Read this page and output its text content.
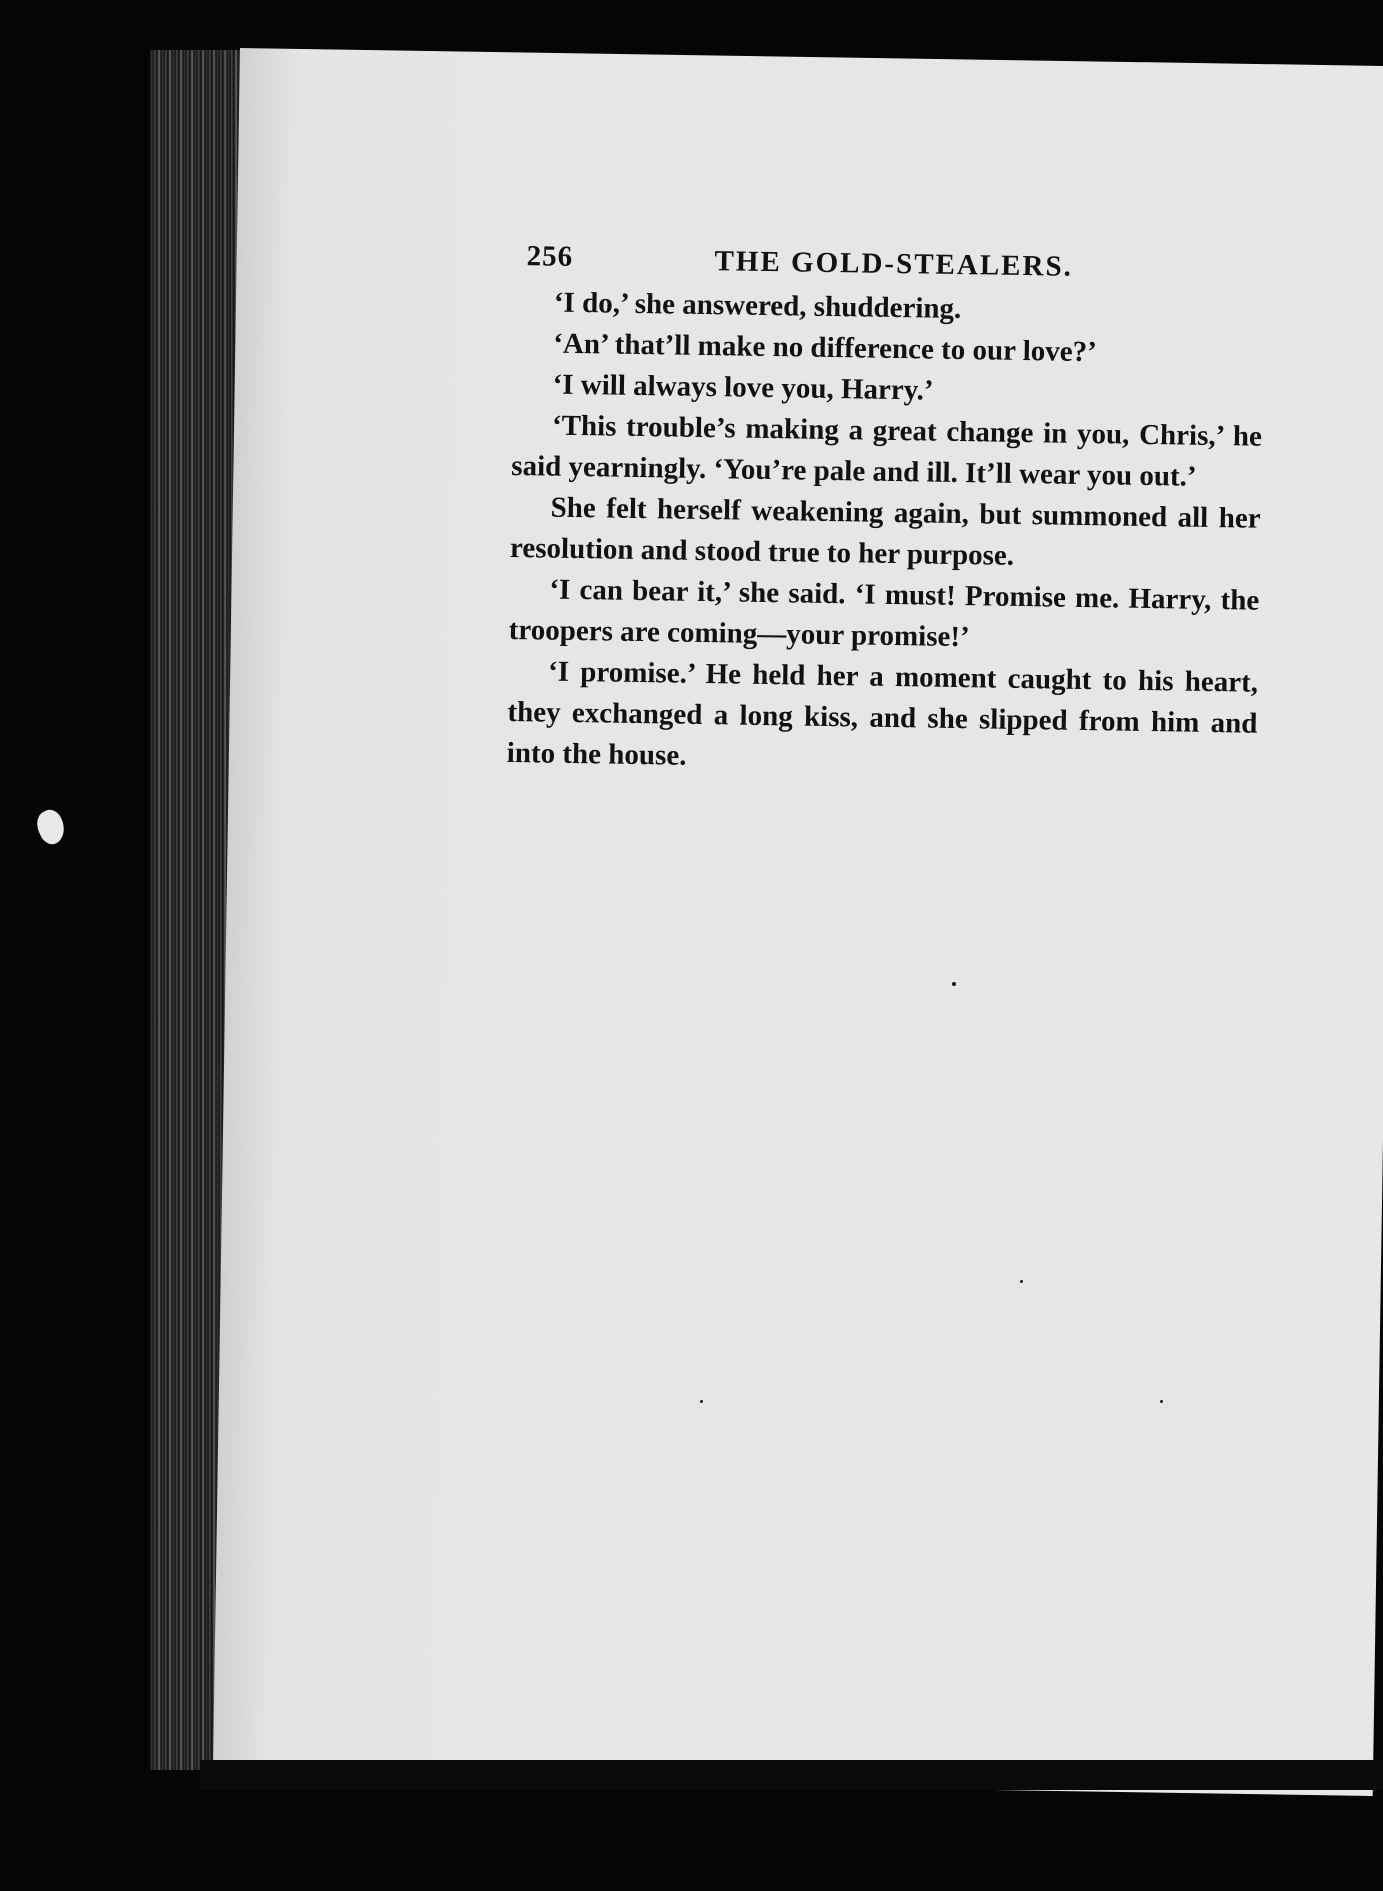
256	THE GOLD-STEALERS.

‘I do,’ she answered, shuddering.

‘An’ that’ll make no difference to our love?’

‘I will always love you, Harry.’

‘This trouble’s making a great change in you, Chris,’ he said yearningly. ‘You’re pale and ill. It’ll wear you out.’

She felt herself weakening again, but summoned all her resolution and stood true to her purpose.

‘I can bear it,’ she said. ‘I must! Promise me. Harry, the troopers are coming—your promise!’

‘I promise.’ He held her a moment caught to his heart, they exchanged a long kiss, and she slipped from him and into the house.
